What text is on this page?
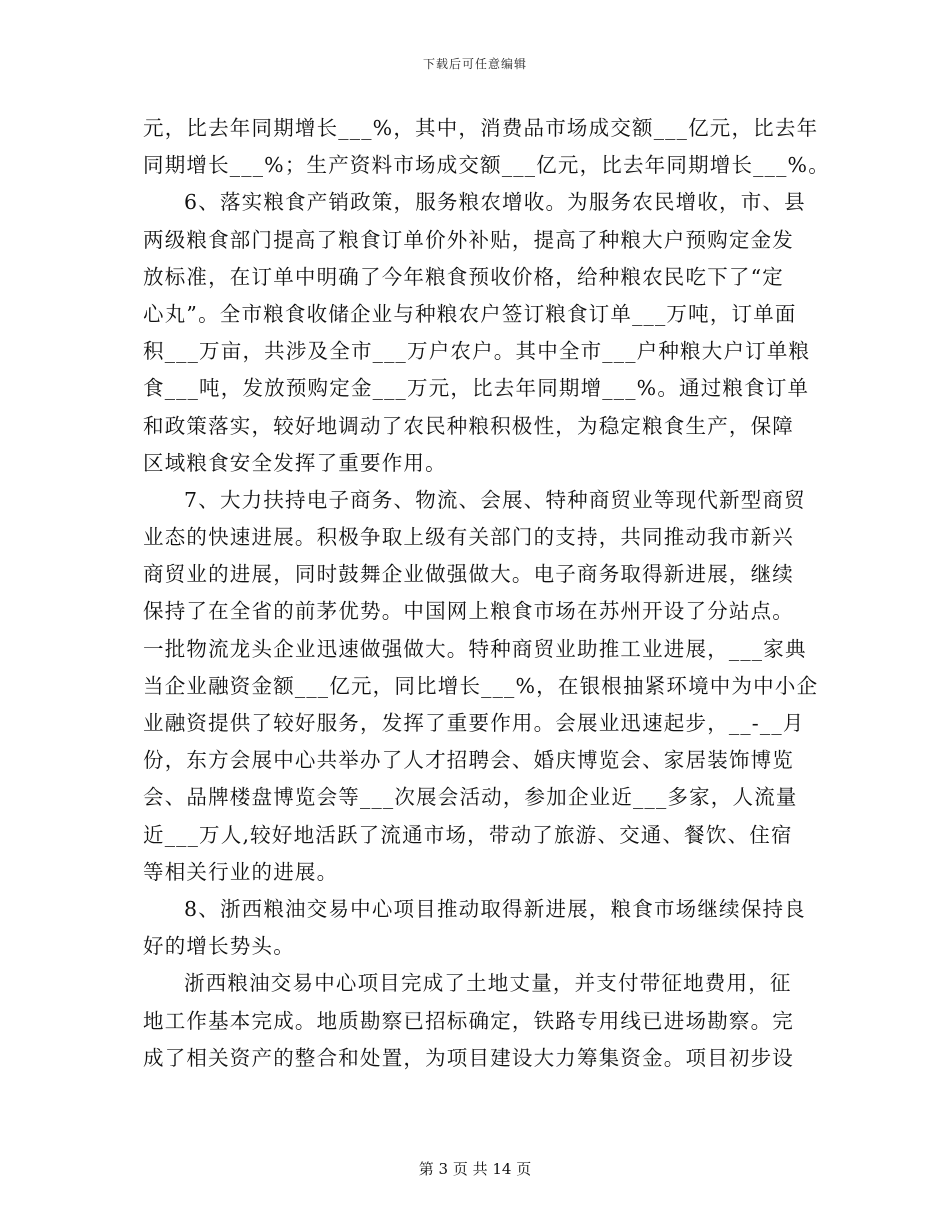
下载后可任意编辑
元，比去年同期增长___%，其中，消费品市场成交额___亿元，比去年
同期增长___%；生产资料市场成交额___亿元，比去年同期增长___%。
6、落实粮食产销政策，服务粮农增收。为服务农民增收，市、县
两级粮食部门提高了粮食订单价外补贴，提高了种粮大户预购定金发
放标准，在订单中明确了今年粮食预收价格，给种粮农民吃下了“定
心丸”。全市粮食收储企业与种粮农户签订粮食订单___万吨，订单面
积___万亩，共涉及全市___万户农户。其中全市___户种粮大户订单粮
食___吨，发放预购定金___万元，比去年同期增___%。通过粮食订单
和政策落实，较好地调动了农民种粮积极性，为稳定粮食生产，保障
区域粮食安全发挥了重要作用。
7、大力扶持电子商务、物流、会展、特种商贸业等现代新型商贸
业态的快速进展。积极争取上级有关部门的支持，共同推动我市新兴
商贸业的进展，同时鼓舞企业做强做大。电子商务取得新进展，继续
保持了在全省的前茅优势。中国网上粮食市场在苏州开设了分站点。
一批物流龙头企业迅速做强做大。特种商贸业助推工业进展，___家典
当企业融资金额___亿元，同比增长___%，在银根抽紧环境中为中小企
业融资提供了较好服务，发挥了重要作用。会展业迅速起步，__-__月
份，东方会展中心共举办了人才招聘会、婚庆博览会、家居装饰博览
会、品牌楼盘博览会等___次展会活动，参加企业近___多家，人流量
近___万人,较好地活跃了流通市场，带动了旅游、交通、餐饮、住宿
等相关行业的进展。
8、浙西粮油交易中心项目推动取得新进展，粮食市场继续保持良
好的增长势头。
浙西粮油交易中心项目完成了土地丈量，并支付带征地费用，征
地工作基本完成。地质勘察已招标确定，铁路专用线已进场勘察。完
成了相关资产的整合和处置，为项目建设大力筹集资金。项目初步设
第 3 页 共 14 页
